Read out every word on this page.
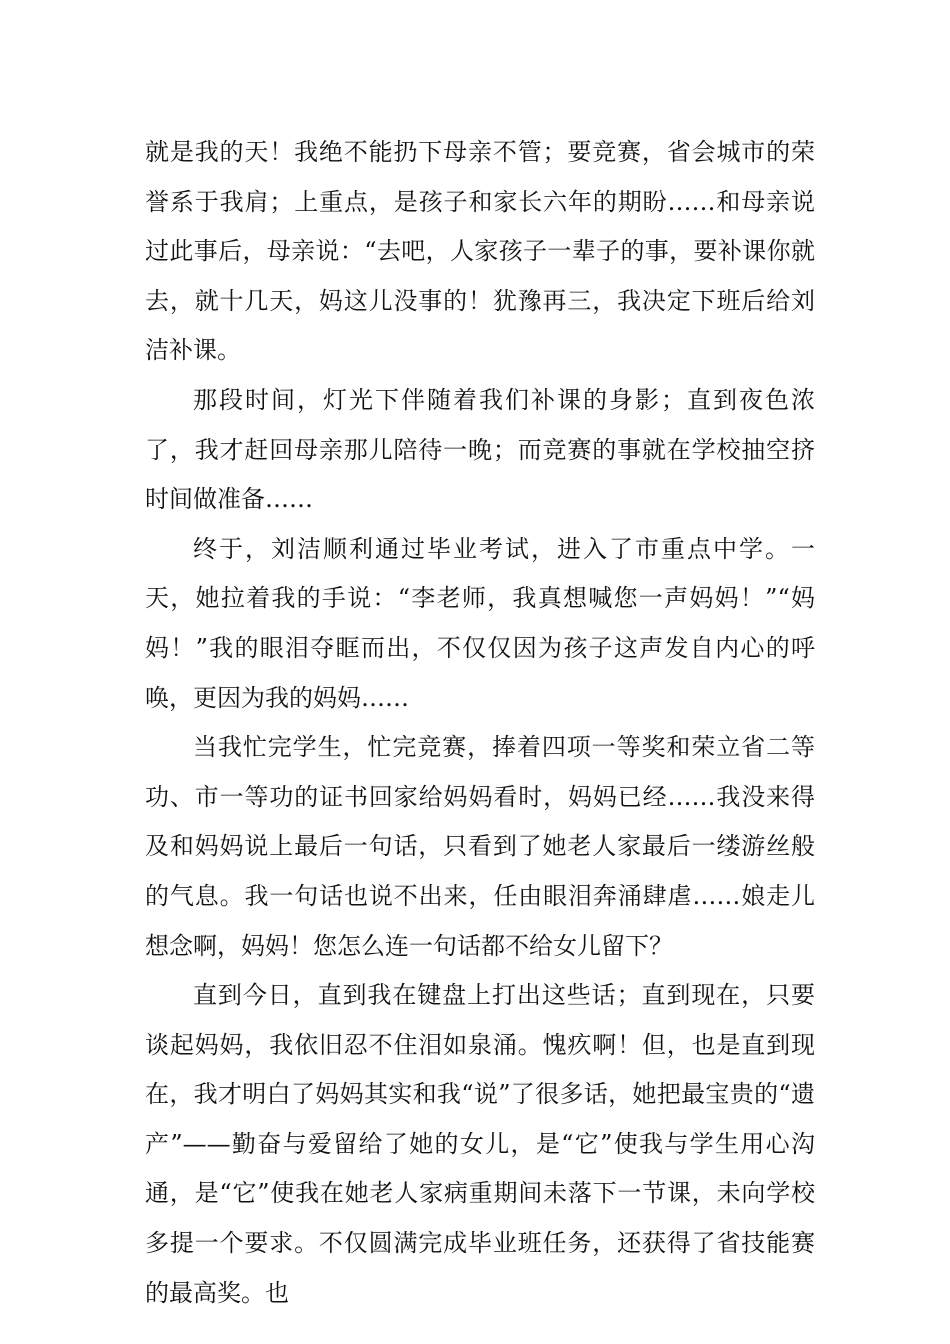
就是我的天！我绝不能扔下母亲不管；要竞赛，省会城市的荣誉系于我肩；上重点，是孩子和家长六年的期盼……和母亲说过此事后，母亲说：“去吧，人家孩子一辈子的事，要补课你就去，就十几天，妈这儿没事的！犹豫再三，我决定下班后给刘洁补课。

那段时间，灯光下伴随着我们补课的身影；直到夜色浓了，我才赶回母亲那儿陪待一晚；而竞赛的事就在学校抽空挤时间做准备……

终于，刘洁顺利通过毕业考试，进入了市重点中学。一天，她拉着我的手说：“李老师，我真想喊您一声妈妈！”“妈妈！”我的眼泪夺眶而出，不仅仅因为孩子这声发自内心的呼唤，更因为我的妈妈……

当我忙完学生，忙完竞赛，捧着四项一等奖和荣立省二等功、市一等功的证书回家给妈妈看时，妈妈已经……我没来得及和妈妈说上最后一句话，只看到了她老人家最后一缕游丝般的气息。我一句话也说不出来，任由眼泪奔涌肆虐……娘走儿想念啊，妈妈！您怎么连一句话都不给女儿留下？

直到今日，直到我在键盘上打出这些话；直到现在，只要谈起妈妈，我依旧忍不住泪如泉涌。愧疚啊！但，也是直到现在，我才明白了妈妈其实和我“说”了很多话，她把最宝贵的“遗产”——勤奋与爱留给了她的女儿，是“它”使我与学生用心沟通，是“它”使我在她老人家病重期间未落下一节课，未向学校多提一个要求。不仅圆满完成毕业班任务，还获得了省技能赛的最高奖。也
